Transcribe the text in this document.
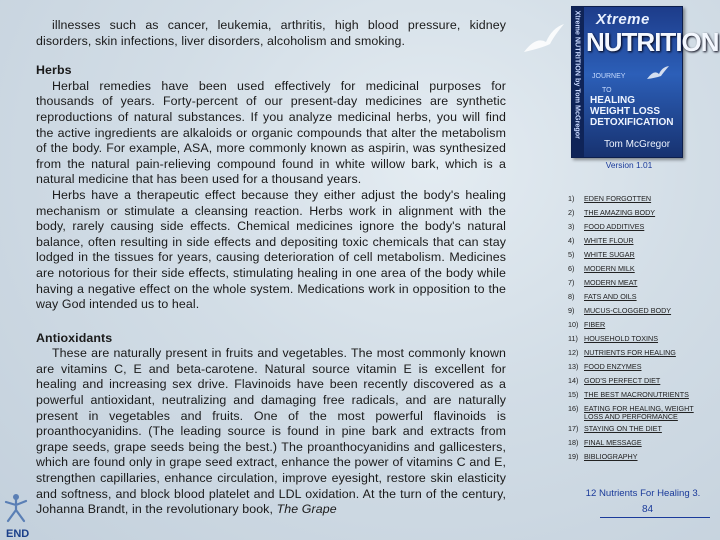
illnesses such as cancer, leukemia, arthritis, high blood pressure, kidney disorders, skin infections, liver disorders, alcoholism and smoking.

Herbs

Herbal remedies have been used effectively for medicinal purposes for thousands of years. Forty-percent of our present-day medicines are synthetic reproductions of natural substances. If you analyze medicinal herbs, you will find the active ingredients are alkaloids or organic compounds that alter the metabolism of the body. For example, ASA, more commonly known as aspirin, was synthesized from the natural pain-relieving compound found in white willow bark, which is a natural medicine that has been used for a thousand years.

Herbs have a therapeutic effect because they either adjust the body's healing mechanism or stimulate a cleansing reaction. Herbs work in alignment with the body, rarely causing side effects. Chemical medicines ignore the body's natural balance, often resulting in side effects and depositing toxic chemicals that can stay lodged in the tissues for years, causing deterioration of cell metabolism. Medicines are notorious for their side effects, stimulating healing in one area of the body while having a negative effect on the whole system. Medications work in opposition to the way God intended us to heal.

Antioxidants

These are naturally present in fruits and vegetables. The most commonly known are vitamins C, E and beta-carotene. Natural source vitamin E is excellent for healing and increasing sex drive. Flavinoids have been recently discovered as a powerful antioxidant, neutralizing and damaging free radicals, and are naturally present in vegetables and fruits. One of the most powerful flavinoids is proanthocyanidins. (The leading source is found in pine bark and extracts from grape seeds, grape seeds being the best.) The proanthocyanidins and gallicesters, which are found only in grape seed extract, enhance the power of vitamins C and E, strengthen capillaries, enhance circulation, improve eyesight, restore skin elasticity and softness, and block blood platelet and LDL oxidation. At the turn of the century, Johanna Brandt, in the revolutionary book, The Grape

Xtreme NUTRITION by Tom McGregor Xtreme
NUTRITION
JOURNEY
TO
HEALING
WEIGHT LOSS
DETOXIFICATION
Tom McGregor
Version 1.01
1) EDEN FORGOTTEN
2) THE AMAZING BODY
3) FOOD ADDITIVES
4) WHITE FLOUR
5) WHITE SUGAR
6) MODERN MILK
7) MODERN MEAT
8) FATS AND OILS
9) MUCUS-CLOGGED BODY
10) FIBER
11) HOUSEHOLD TOXINS
12) NUTRIENTS FOR HEALING
13) FOOD ENZYMES
14) GOD'S PERFECT DIET
15) THE BEST MACRONUTRIENTS
16) EATING FOR HEALING, WEIGHT
LOSS AND PERFORMANCE
17) STAYING ON THE DIET
18) FINAL MESSAGE
19) BIBLIOGRAPHY
12 Nutrients For Healing 3.
84
END
